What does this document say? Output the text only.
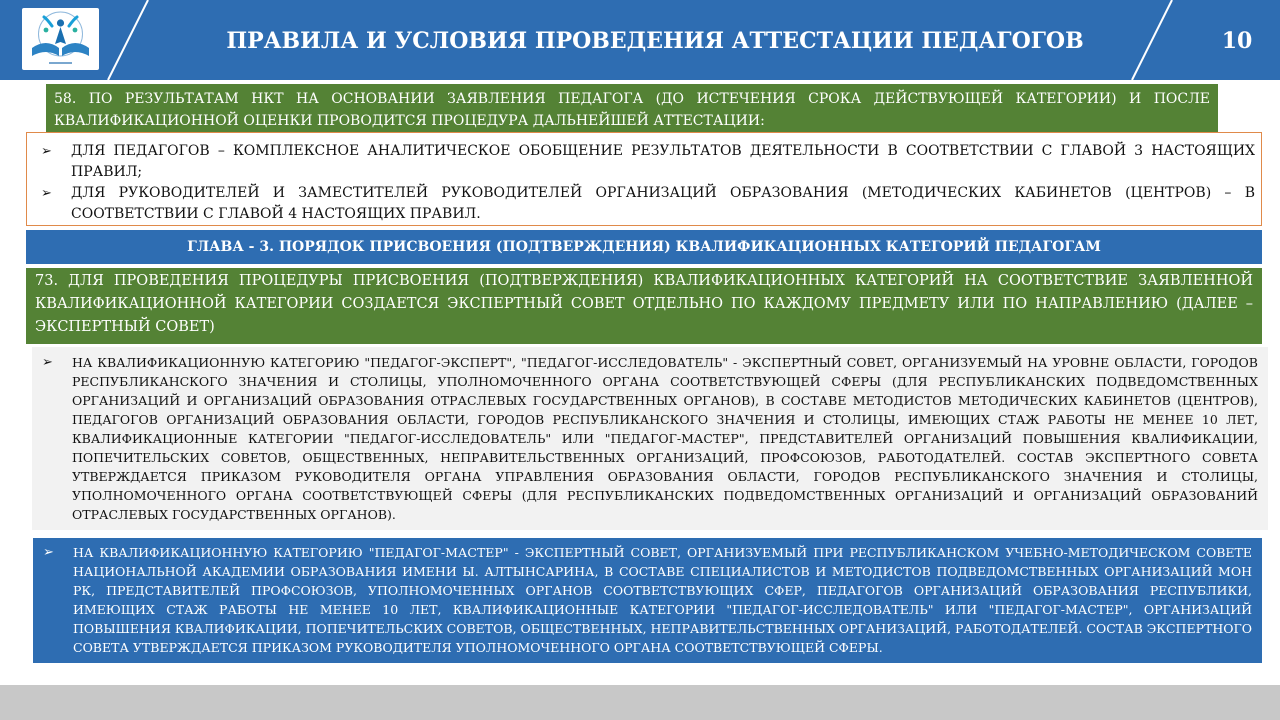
ПРАВИЛА И УСЛОВИЯ ПРОВЕДЕНИЯ АТТЕСТАЦИИ ПЕДАГОГОВ	10
58. ПО РЕЗУЛЬТАТАМ НКТ НА ОСНОВАНИИ ЗАЯВЛЕНИЯ ПЕДАГОГА (ДО ИСТЕЧЕНИЯ СРОКА ДЕЙСТВУЮЩЕЙ КАТЕГОРИИ) И ПОСЛЕ КВАЛИФИКАЦИОННОЙ ОЦЕНКИ ПРОВОДИТСЯ ПРОЦЕДУРА ДАЛЬНЕЙШЕЙ АТТЕСТАЦИИ:
➢ ДЛЯ ПЕДАГОГОВ – КОМПЛЕКСНОЕ АНАЛИТИЧЕСКОЕ ОБОБЩЕНИЕ РЕЗУЛЬТАТОВ ДЕЯТЕЛЬНОСТИ В СООТВЕТСТВИИ С ГЛАВОЙ 3 НАСТОЯЩИХ ПРАВИЛ;
➢ ДЛЯ РУКОВОДИТЕЛЕЙ И ЗАМЕСТИТЕЛЕЙ РУКОВОДИТЕЛЕЙ ОРГАНИЗАЦИЙ ОБРАЗОВАНИЯ (МЕТОДИЧЕСКИХ КАБИНЕТОВ (ЦЕНТРОВ) – В СООТВЕТСТВИИ С ГЛАВОЙ 4 НАСТОЯЩИХ ПРАВИЛ.
ГЛАВА - 3. ПОРЯДОК ПРИСВОЕНИЯ (ПОДТВЕРЖДЕНИЯ) КВАЛИФИКАЦИОННЫХ КАТЕГОРИЙ ПЕДАГОГАМ
73. ДЛЯ ПРОВЕДЕНИЯ ПРОЦЕДУРЫ ПРИСВОЕНИЯ (ПОДТВЕРЖДЕНИЯ) КВАЛИФИКАЦИОННЫХ КАТЕГОРИЙ НА СООТВЕТСТВИЕ ЗАЯВЛЕННОЙ КВАЛИФИКАЦИОННОЙ КАТЕГОРИИ СОЗДАЕТСЯ ЭКСПЕРТНЫЙ СОВЕТ ОТДЕЛЬНО ПО КАЖДОМУ ПРЕДМЕТУ ИЛИ ПО НАПРАВЛЕНИЮ (ДАЛЕЕ – ЭКСПЕРТНЫЙ СОВЕТ)
➢ НА КВАЛИФИКАЦИОННУЮ КАТЕГОРИЮ "ПЕДАГОГ-ЭКСПЕРТ", "ПЕДАГОГ-ИССЛЕДОВАТЕЛЬ" - ЭКСПЕРТНЫЙ СОВЕТ, ОРГАНИЗУЕМЫЙ НА УРОВНЕ ОБЛАСТИ, ГОРОДОВ РЕСПУБЛИКАНСКОГО ЗНАЧЕНИЯ И СТОЛИЦЫ, УПОЛНОМОЧЕННОГО ОРГАНА СООТВЕТСТВУЮЩЕЙ СФЕРЫ (ДЛЯ РЕСПУБЛИКАНСКИХ ПОДВЕДОМСТВЕННЫХ ОРГАНИЗАЦИЙ И ОРГАНИЗАЦИЙ ОБРАЗОВАНИЯ ОТРАСЛЕВЫХ ГОСУДАРСТВЕННЫХ ОРГАНОВ), В СОСТАВЕ МЕТОДИСТОВ МЕТОДИЧЕСКИХ КАБИНЕТОВ (ЦЕНТРОВ), ПЕДАГОГОВ ОРГАНИЗАЦИЙ ОБРАЗОВАНИЯ ОБЛАСТИ, ГОРОДОВ РЕСПУБЛИКАНСКОГО ЗНАЧЕНИЯ И СТОЛИЦЫ, ИМЕЮЩИХ СТАЖ РАБОТЫ НЕ МЕНЕЕ 10 ЛЕТ, КВАЛИФИКАЦИОННЫЕ КАТЕГОРИИ "ПЕДАГОГ-ИССЛЕДОВАТЕЛЬ" ИЛИ "ПЕДАГОГ-МАСТЕР", ПРЕДСТАВИТЕЛЕЙ ОРГАНИЗАЦИЙ ПОВЫШЕНИЯ КВАЛИФИКАЦИИ, ПОПЕЧИТЕЛЬСКИХ СОВЕТОВ, ОБЩЕСТВЕННЫХ, НЕПРАВИТЕЛЬСТВЕННЫХ ОРГАНИЗАЦИЙ, ПРОФСОЮЗОВ, РАБОТОДАТЕЛЕЙ. СОСТАВ ЭКСПЕРТНОГО СОВЕТА УТВЕРЖДАЕТСЯ ПРИКАЗОМ РУКОВОДИТЕЛЯ ОРГАНА УПРАВЛЕНИЯ ОБРАЗОВАНИЯ ОБЛАСТИ, ГОРОДОВ РЕСПУБЛИКАНСКОГО ЗНАЧЕНИЯ И СТОЛИЦЫ, УПОЛНОМОЧЕННОГО ОРГАНА СООТВЕТСТВУЮЩЕЙ СФЕРЫ (ДЛЯ РЕСПУБЛИКАНСКИХ ПОДВЕДОМСТВЕННЫХ ОРГАНИЗАЦИЙ И ОРГАНИЗАЦИЙ ОБРАЗОВАНИЙ ОТРАСЛЕВЫХ ГОСУДАРСТВЕННЫХ ОРГАНОВ).
➢ НА КВАЛИФИКАЦИОННУЮ КАТЕГОРИЮ "ПЕДАГОГ-МАСТЕР" - ЭКСПЕРТНЫЙ СОВЕТ, ОРГАНИЗУЕМЫЙ ПРИ РЕСПУБЛИКАНСКОМ УЧЕБНО-МЕТОДИЧЕСКОМ СОВЕТЕ НАЦИОНАЛЬНОЙ АКАДЕМИИ ОБРАЗОВАНИЯ ИМЕНИ Ы. АЛТЫНСАРИНА, В СОСТАВЕ СПЕЦИАЛИСТОВ И МЕТОДИСТОВ ПОДВЕДОМСТВЕННЫХ ОРГАНИЗАЦИЙ МОН РК, ПРЕДСТАВИТЕЛЕЙ ПРОФСОЮЗОВ, УПОЛНОМОЧЕННЫХ ОРГАНОВ СООТВЕТСТВУЮЩИХ СФЕР, ПЕДАГОГОВ ОРГАНИЗАЦИЙ ОБРАЗОВАНИЯ РЕСПУБЛИКИ, ИМЕЮЩИХ СТАЖ РАБОТЫ НЕ МЕНЕЕ 10 ЛЕТ, КВАЛИФИКАЦИОННЫЕ КАТЕГОРИИ "ПЕДАГОГ-ИССЛЕДОВАТЕЛЬ" ИЛИ "ПЕДАГОГ-МАСТЕР", ОРГАНИЗАЦИЙ ПОВЫШЕНИЯ КВАЛИФИКАЦИИ, ПОПЕЧИТЕЛЬСКИХ СОВЕТОВ, ОБЩЕСТВЕННЫХ, НЕПРАВИТЕЛЬСТВЕННЫХ ОРГАНИЗАЦИЙ, РАБОТОДАТЕЛЕЙ. СОСТАВ ЭКСПЕРТНОГО СОВЕТА УТВЕРЖДАЕТСЯ ПРИКАЗОМ РУКОВОДИТЕЛЯ УПОЛНОМОЧЕННОГО ОРГАНА СООТВЕТСТВУЮЩЕЙ СФЕРЫ.
